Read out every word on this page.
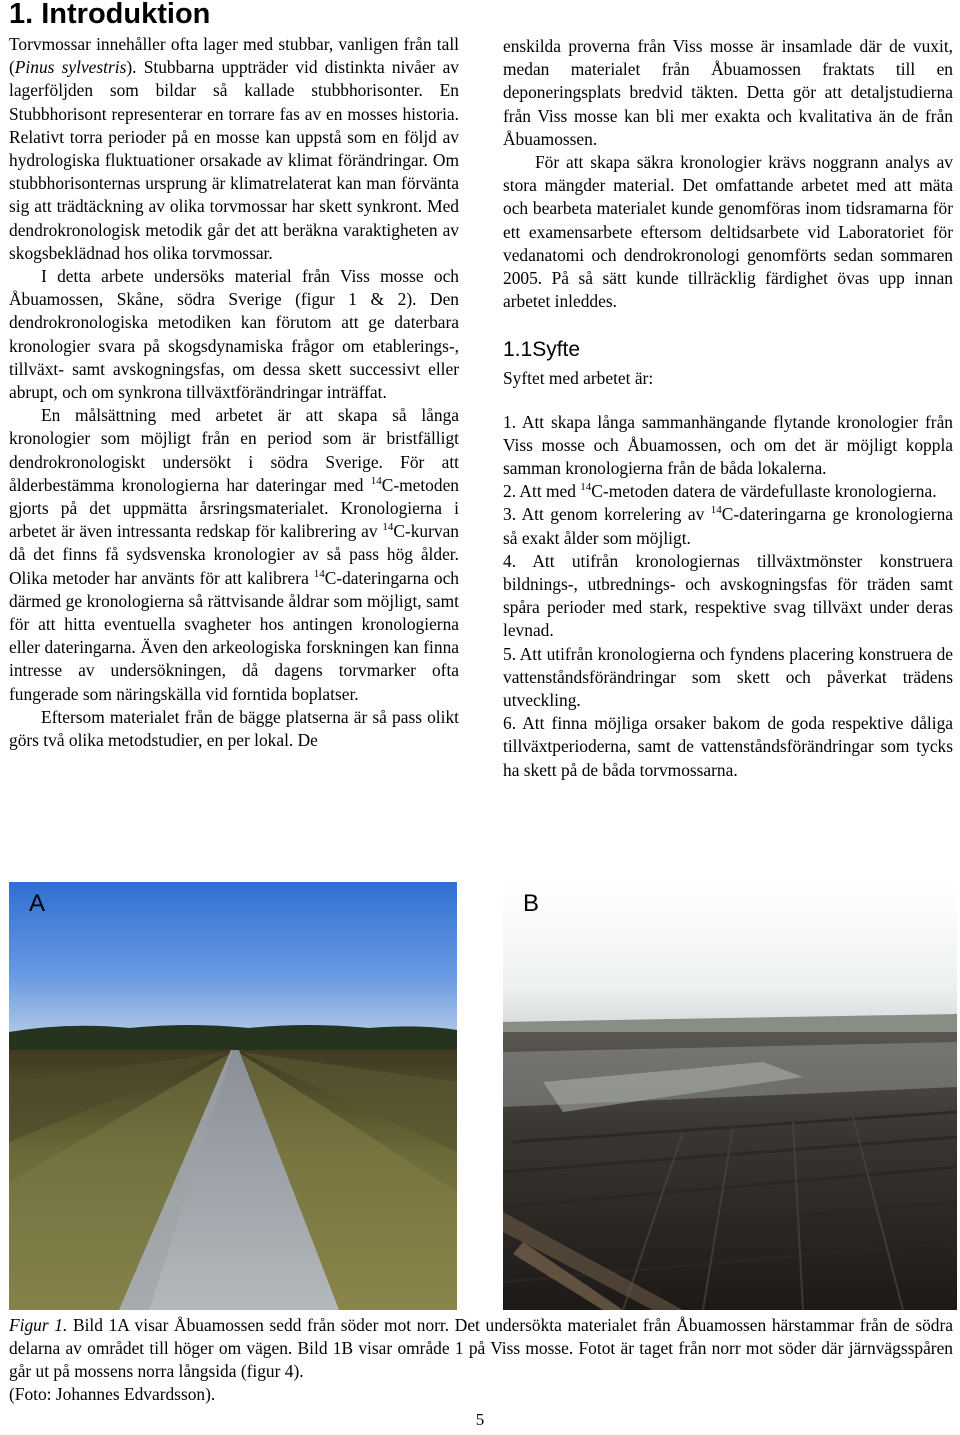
1. Introduktion

Torvmossar innehåller ofta lager med stubbar, vanligen från tall (Pinus sylvestris). Stubbarna uppträder vid distinkta nivåer av lagerföljden som bildar så kallade stubbhorisonter. En Stubbhorisont representerar en torrare fas av en mosses historia. Relativt torra perioder på en mosse kan uppstå som en följd av hydrologiska fluktuationer orsakade av klimat förändringar. Om stubbhorisonternas ursprung är klimatrelaterat kan man förvänta sig att trädtäckning av olika torvmossar har skett synkront. Med dendrokronologisk metodik går det att beräkna varaktigheten av skogsbeklädnad hos olika torvmossar.

I detta arbete undersöks material från Viss mosse och Åbuamossen, Skåne, södra Sverige (figur 1 & 2). Den dendrokronologiska metodiken kan förutom att ge daterbara kronologier svara på skogsdynamiska frågor om etablerings-, tillväxt- samt avskogningsfas, om dessa skett successivt eller abrupt, och om synkrona tillväxtförändringar inträffat.

En målsättning med arbetet är att skapa så långa kronologier som möjligt från en period som är bristfälligt dendrokronologiskt undersökt i södra Sverige. För att ålderbestämma kronologierna har dateringar med $^{14}$C-metoden gjorts på det uppmätta årsringsmaterialet. Kronologierna i arbetet är även intressanta redskap för kalibrering av $^{14}$C-kurvan då det finns få sydsvenska kronologier av så pass hög ålder. Olika metoder har använts för att kalibrera $^{14}$C-dateringarna och därmed ge kronologierna så rättvisande åldrar som möjligt, samt för att hitta eventuella svagheter hos antingen kronologierna eller dateringarna. Även den arkeologiska forskningen kan finna intresse av undersökningen, då dagens torvmarker ofta fungerade som näringskälla vid forntida boplatser.

Eftersom materialet från de bägge platserna är så pass olikt görs två olika metodstudier, en per lokal. De

enskilda proverna från Viss mosse är insamlade där de vuxit, medan materialet från Åbuamossen fraktats till en deponeringsplats bredvid täkten. Detta gör att detaljstudierna från Viss mosse kan bli mer exakta och kvalitativa än de från Åbuamossen.

För att skapa säkra kronologier krävs noggrann analys av stora mängder material. Det omfattande arbetet med att mäta och bearbeta materialet kunde genomföras inom tidsramarna för ett examensarbete eftersom deltidsarbete vid Laboratoriet för vedanatomi och dendrokronologi genomförts sedan sommaren 2005. På så sätt kunde tillräcklig färdighet övas upp innan arbetet inleddes.

1.1Syfte

Syftet med arbetet är:

1. Att skapa långa sammanhängande flytande kronologier från Viss mosse och Åbuamossen, och om det är möjligt koppla samman kronologierna från de båda lokalerna.

2. Att med $^{14}$C-metoden datera de värdefullaste kronologierna.

3. Att genom korrelering av $^{14}$C-dateringarna ge kronologierna så exakt ålder som möjligt.

4. Att utifrån kronologiernas tillväxtmönster konstruera bildnings-, utbrednings- och avskogningsfas för träden samt spåra perioder med stark, respektive svag tillväxt under deras levnad.

5. Att utifrån kronologierna och fyndens placering konstruera de vattenståndsförändringar som skett och påverkat trädens utveckling.

6. Att finna möjliga orsaker bakom de goda respektive dåliga tillväxtperioderna, samt de vattenståndsförändringar som tycks ha skett på de båda torvmossarna.

A	B

Figur 1. Bild 1A visar Åbuamossen sedd från söder mot norr. Det undersökta materialet från Åbuamossen härstammar från de södra delarna av området till höger om vägen. Bild 1B visar område 1 på Viss mosse. Fotot är taget från norr mot söder där järnvägsspåren går ut på mossens norra långsida (figur 4).

(Foto: Johannes Edvardsson).

5
